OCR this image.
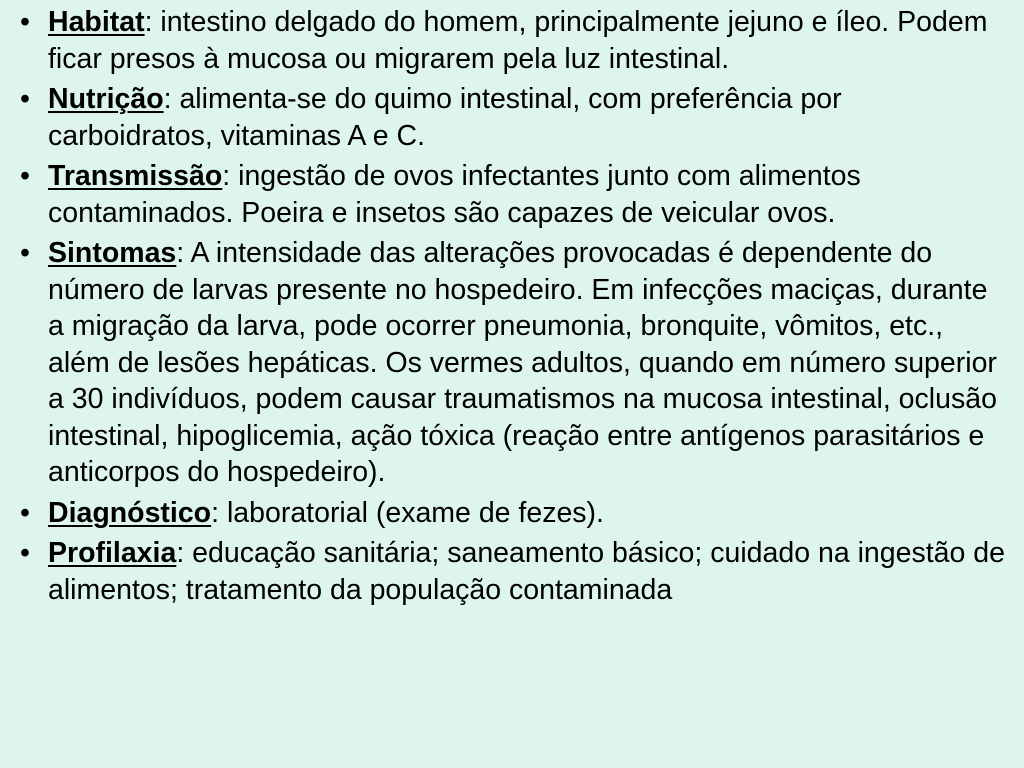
• Habitat: intestino delgado do homem, principalmente jejuno e íleo. Podem ficar presos à mucosa ou migrarem pela luz intestinal.
• Nutrição: alimenta-se do quimo intestinal, com preferência por carboidratos, vitaminas A e C.
• Transmissão: ingestão de ovos infectantes junto com alimentos contaminados. Poeira e insetos são capazes de veicular ovos.
• Sintomas: A intensidade das alterações provocadas é dependente do número de larvas presente no hospedeiro. Em infecções maciças, durante a migração da larva, pode ocorrer pneumonia, bronquite, vômitos, etc., além de lesões hepáticas. Os vermes adultos, quando em número superior a 30 indivíduos, podem causar traumatismos na mucosa intestinal, oclusão intestinal, hipoglicemia, ação tóxica (reação entre antígenos parasitários e anticorpos do hospedeiro).
• Diagnóstico: laboratorial (exame de fezes).
• Profilaxia: educação sanitária; saneamento básico; cuidado na ingestão de alimentos; tratamento da população contaminada
